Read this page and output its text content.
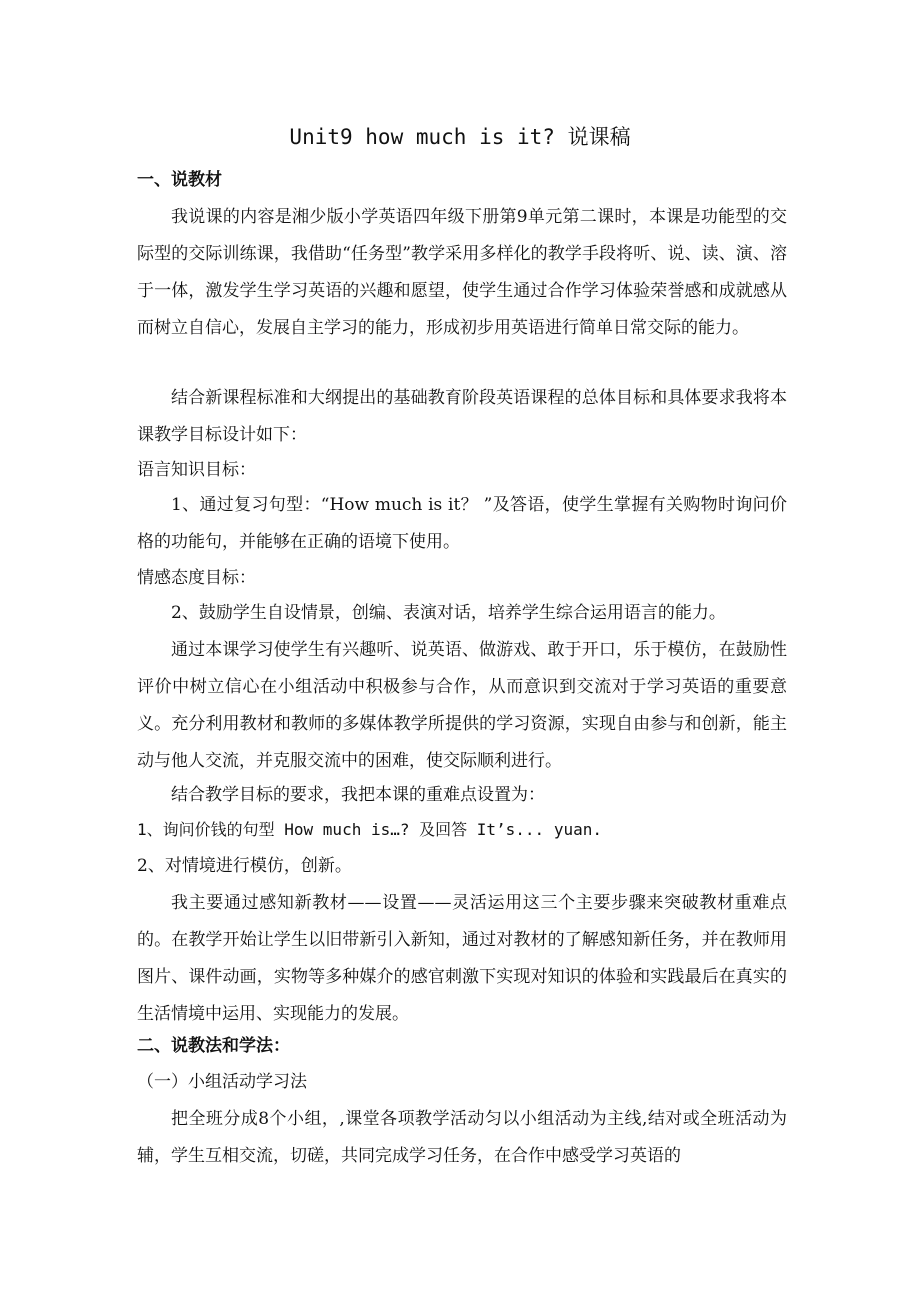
Unit9 how much is it? 说课稿

一、说教材

我说课的内容是湘少版小学英语四年级下册第9单元第二课时，本课是功能型的交际型的交际训练课，我借助“任务型”教学采用多样化的教学手段将听、说、读、演、溶于一体，激发学生学习英语的兴趣和愿望，使学生通过合作学习体验荣誉感和成就感从而树立自信心，发展自主学习的能力，形成初步用英语进行简单日常交际的能力。

结合新课程标准和大纲提出的基础教育阶段英语课程的总体目标和具体要求我将本课教学目标设计如下：

语言知识目标：

1、通过复习句型：“How much is it？ ”及答语，使学生掌握有关购物时询问价格的功能句，并能够在正确的语境下使用。

情感态度目标：

2、鼓励学生自设情景，创编、表演对话，培养学生综合运用语言的能力。

通过本课学习使学生有兴趣听、说英语、做游戏、敢于开口，乐于模仿，在鼓励性评价中树立信心在小组活动中积极参与合作，从而意识到交流对于学习英语的重要意义。充分利用教材和教师的多媒体教学所提供的学习资源，实现自由参与和创新，能主动与他人交流，并克服交流中的困难，使交际顺利进行。

结合教学目标的要求，我把本课的重难点设置为：

1、询问价钱的句型 How much is…? 及回答 It’s... yuan.

2、对情境进行模仿，创新。

我主要通过感知新教材——设置——灵活运用这三个主要步骤来突破教材重难点的。在教学开始让学生以旧带新引入新知，通过对教材的了解感知新任务，并在教师用图片、课件动画，实物等多种媒介的感官刺激下实现对知识的体验和实践最后在真实的生活情境中运用、实现能力的发展。

二、说教法和学法：

（一）小组活动学习法

把全班分成8个小组，,课堂各项教学活动匀以小组活动为主线,结对或全班活动为辅，学生互相交流，切磋，共同完成学习任务，在合作中感受学习英语的
